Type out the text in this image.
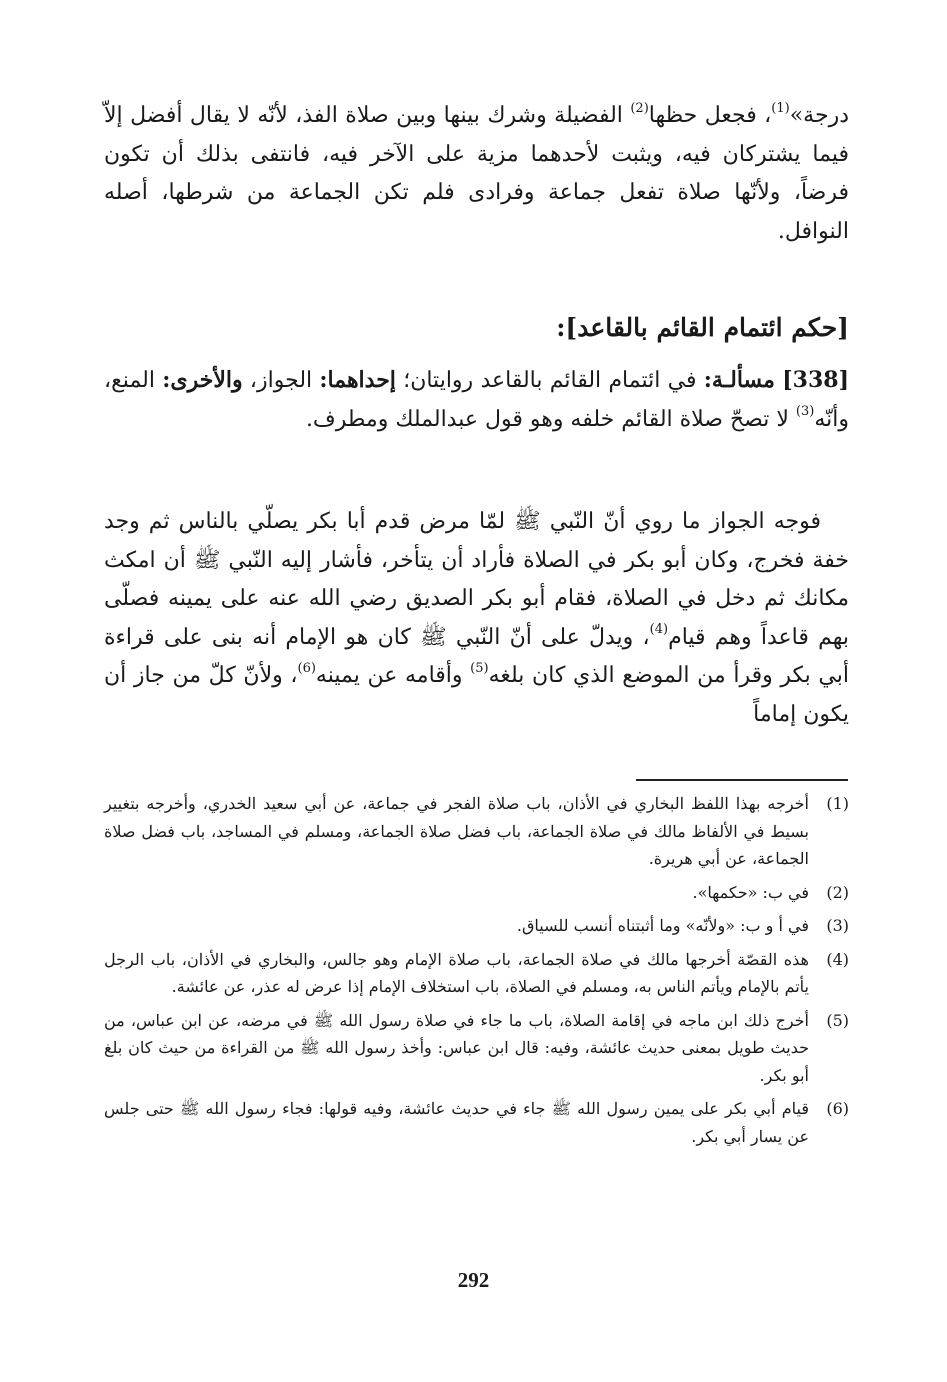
درجة»$^{(1)}$، فجعل حظها$^{(2)}$ الفضيلة وشرك بينها وبين صلاة الفذ، لأنّه لا يقال أفضل إلاّ فيما يشتركان فيه، ويثبت لأحدهما مزية على الآخر فيه، فانتفى بذلك أن تكون فرضاً، ولأنّها صلاة تفعل جماعة وفرادى فلم تكن الجماعة من شرطها، أصله النوافل.
[حكم ائتمام القائم بالقاعد]:
[338] مسألـة: في ائتمام القائم بالقاعد روايتان؛ إحداهما: الجواز، والأخرى: المنع، وأنّه$^{(3)}$ لا تصحّ صلاة القائم خلفه وهو قول عبدالملك ومطرف.
فوجه الجواز ما روي أنّ النّبي ﷺ لمّا مرض قدم أبا بكر يصلّي بالناس ثم وجد خفة فخرج، وكان أبو بكر في الصلاة فأراد أن يتأخر، فأشار إليه النّبي ﷺ أن امكث مكانك ثم دخل في الصلاة، فقام أبو بكر الصديق رضي الله عنه على يمينه فصلّى بهم قاعداً وهم قيام$^{(4)}$، ويدلّ على أنّ النّبي ﷺ كان هو الإمام أنه بنى على قراءة أبي بكر وقرأ من الموضع الذي كان بلغه$^{(5)}$ وأقامه عن يمينه$^{(6)}$، ولأنّ كلّ من جاز أن يكون إماماً
(1)
أخرجه بهذا اللفظ البخاري في الأذان، باب صلاة الفجر في جماعة، عن أبي سعيد الخدري، وأخرجه بتغيير بسيط في الألفاظ مالك في صلاة الجماعة، باب فضل صلاة الجماعة، ومسلم في المساجد، باب فضل صلاة الجماعة، عن أبي هريرة.
(2)
في ب: «حكمها».
(3)
في أ و ب: «ولأنّه» وما أثبتناه أنسب للسياق.
(4)
هذه القصّة أخرجها مالك في صلاة الجماعة، باب صلاة الإمام وهو جالس، والبخاري في الأذان، باب الرجل يأتم بالإمام ويأتم الناس به، ومسلم في الصلاة، باب استخلاف الإمام إذا عرض له عذر، عن عائشة.
(5)
أخرج ذلك ابن ماجه في إقامة الصلاة، باب ما جاء في صلاة رسول الله ﷺ في مرضه، عن ابن عباس، من حديث طويل بمعنى حديث عائشة، وفيه: قال ابن عباس: وأخذ رسول الله ﷺ من القراءة من حيث كان بلغ أبو بكر.
(6)
قيام أبي بكر على يمين رسول الله ﷺ جاء في حديث عائشة، وفيه قولها: فجاء رسول الله ﷺ حتى جلس عن يسار أبي بكر.
292
